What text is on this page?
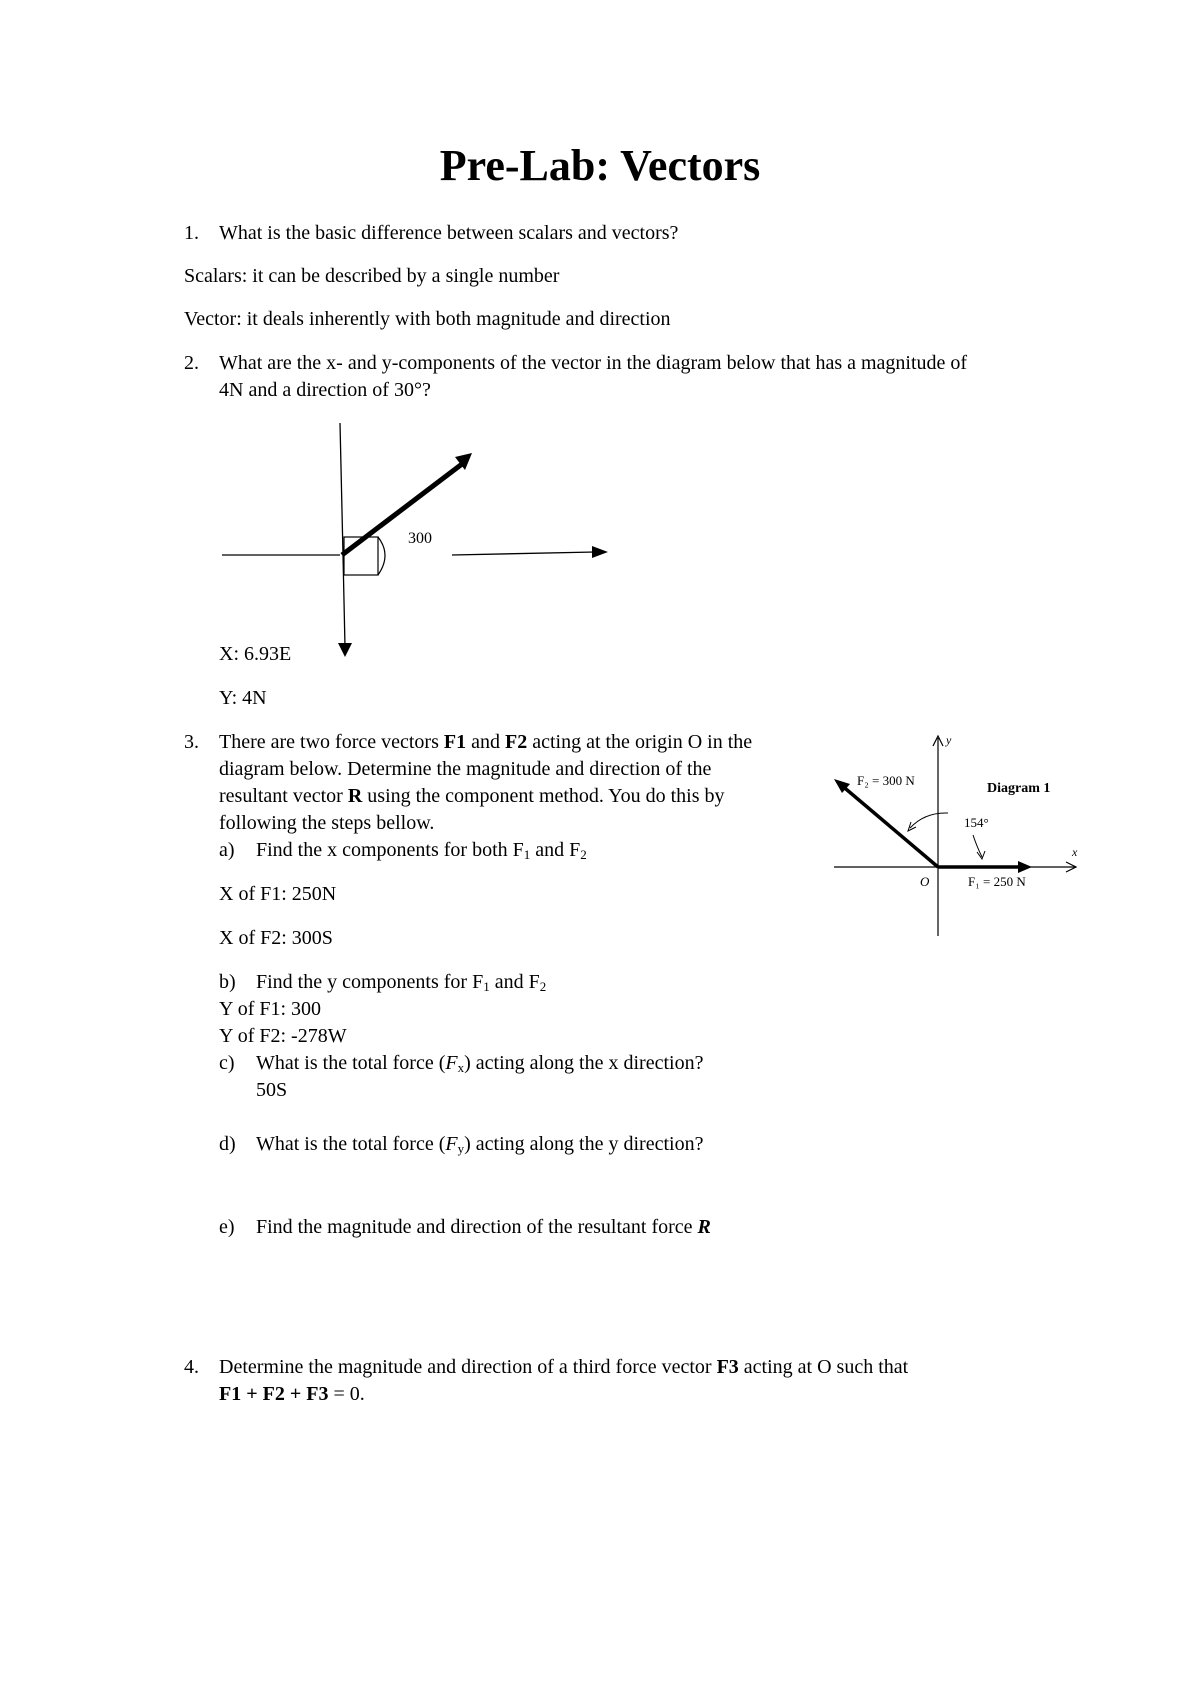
Pre-Lab: Vectors
1.	What is the basic difference between scalars and vectors?
Scalars: it can be described by a single number
Vector: it deals inherently with both magnitude and direction
2.	What are the x- and y-components of the vector in the diagram below that has a magnitude of
4N and a direction of 30°?
300
X: 6.93E
Y: 4N
3.	There are two force vectors F1 and F2 acting at the origin O in the
diagram below. Determine the magnitude and direction of the
resultant vector R using the component method. You do this by
following the steps bellow.
a) Find the x components for both $F_1$ and $F_2$
X of F1: 250N
X of F2: 300S
b) Find the y components for $F_1$ and $F_2$
Y of F1: 300
Y of F2: -278W
c) What is the total force $(F_x)$ acting along the x direction?
50S
d) What is the total force $(F_y)$ acting along the y direction?
e) Find the magnitude and direction of the resultant force R
y
x
O
F₂ = 300 N
F₁ = 250 N
154°
Diagram 1
4.	Determine the magnitude and direction of a third force vector F3 acting at O such that
F1 + F2 + F3 = 0.
